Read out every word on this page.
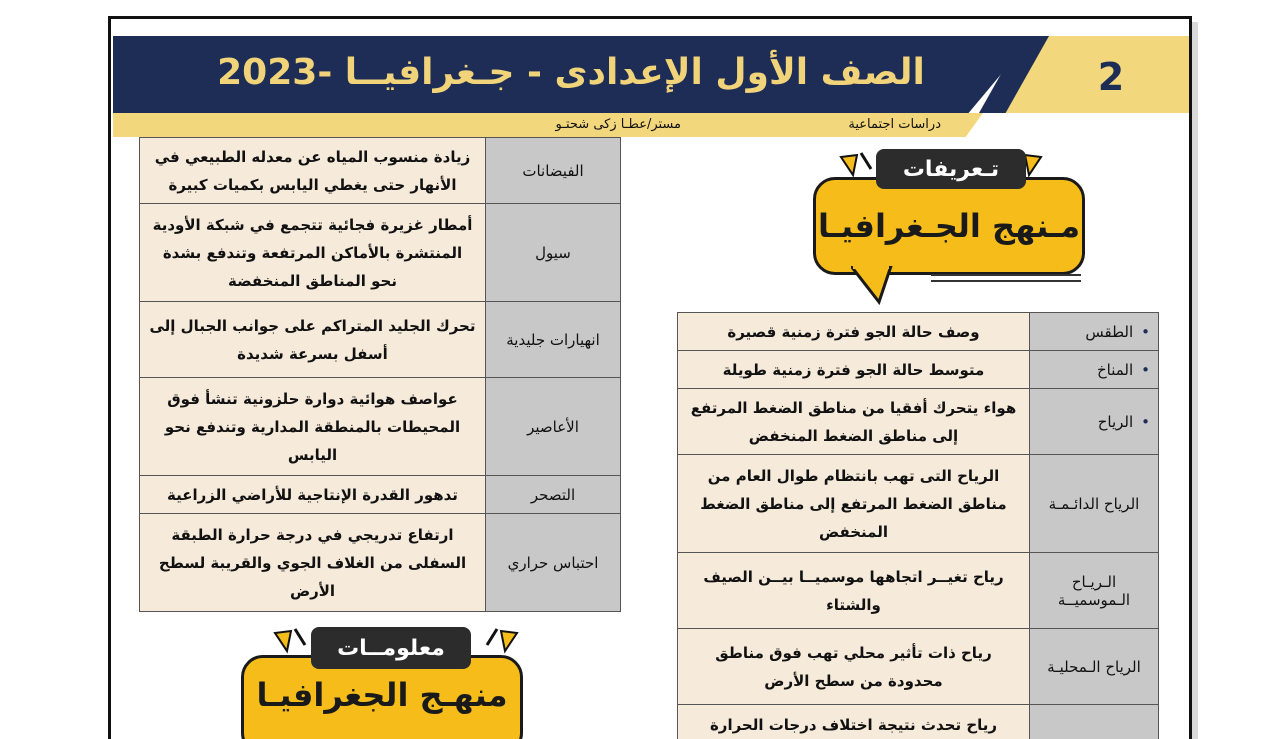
الصف الأول الإعدادى - جـغرافيــا -2023	2
دراسات اجتماعية
مستر/عطـا زكى شحتـو
مـنهج الجـغرافيـا
تـعريفات
•الطقس	وصف حالة الجو فترة زمنية قصيرة
•المناخ	متوسط حالة الجو فترة زمنية طويلة
•الرياح	هواء يتحرك أفقيا من مناطق الضغط المرتفع إلى مناطق الضغط المنخفض
الرياح الدائـمـة	الرياح التى تهب بانتظام طوال العام من مناطق الضغط المرتفع إلى مناطق الضغط المنخفض
الـريـاح الـموسميــة	رياح تغيــر اتجاهها موسميــا بيــن الصيف والشتاء
الرياح الـمحليـة	رياح ذات تأثير محلي تهب فوق مناطق محدودة من سطح الأرض
	رياح تحدث نتيجة اختلاف درجات الحرارة
الفيضانات	زيادة منسوب المياه عن معدله الطبيعي في الأنهار حتى يغطي اليابس بكميات كبيرة
سيول	أمطار غزيرة فجائية تتجمع في شبكة الأودية المنتشرة بالأماكن المرتفعة وتندفع بشدة نحو المناطق المنخفضة
انهيارات جليدية	تحرك الجليد المتراكم على جوانب الجبال إلى أسفل بسرعة شديدة
الأعاصير	عواصف هوائية دوارة حلزونية تنشأ فوق المحيطات بالمنطقة المدارية وتندفع نحو اليابس
التصحر	تدهور القدرة الإنتاجية للأراضي الزراعية
احتباس حراري	ارتفاع تدريجي في درجة حرارة الطبقة السفلى من الغلاف الجوي والقريبة لسطح الأرض
منهـج الجغرافيـا
معلومــات
